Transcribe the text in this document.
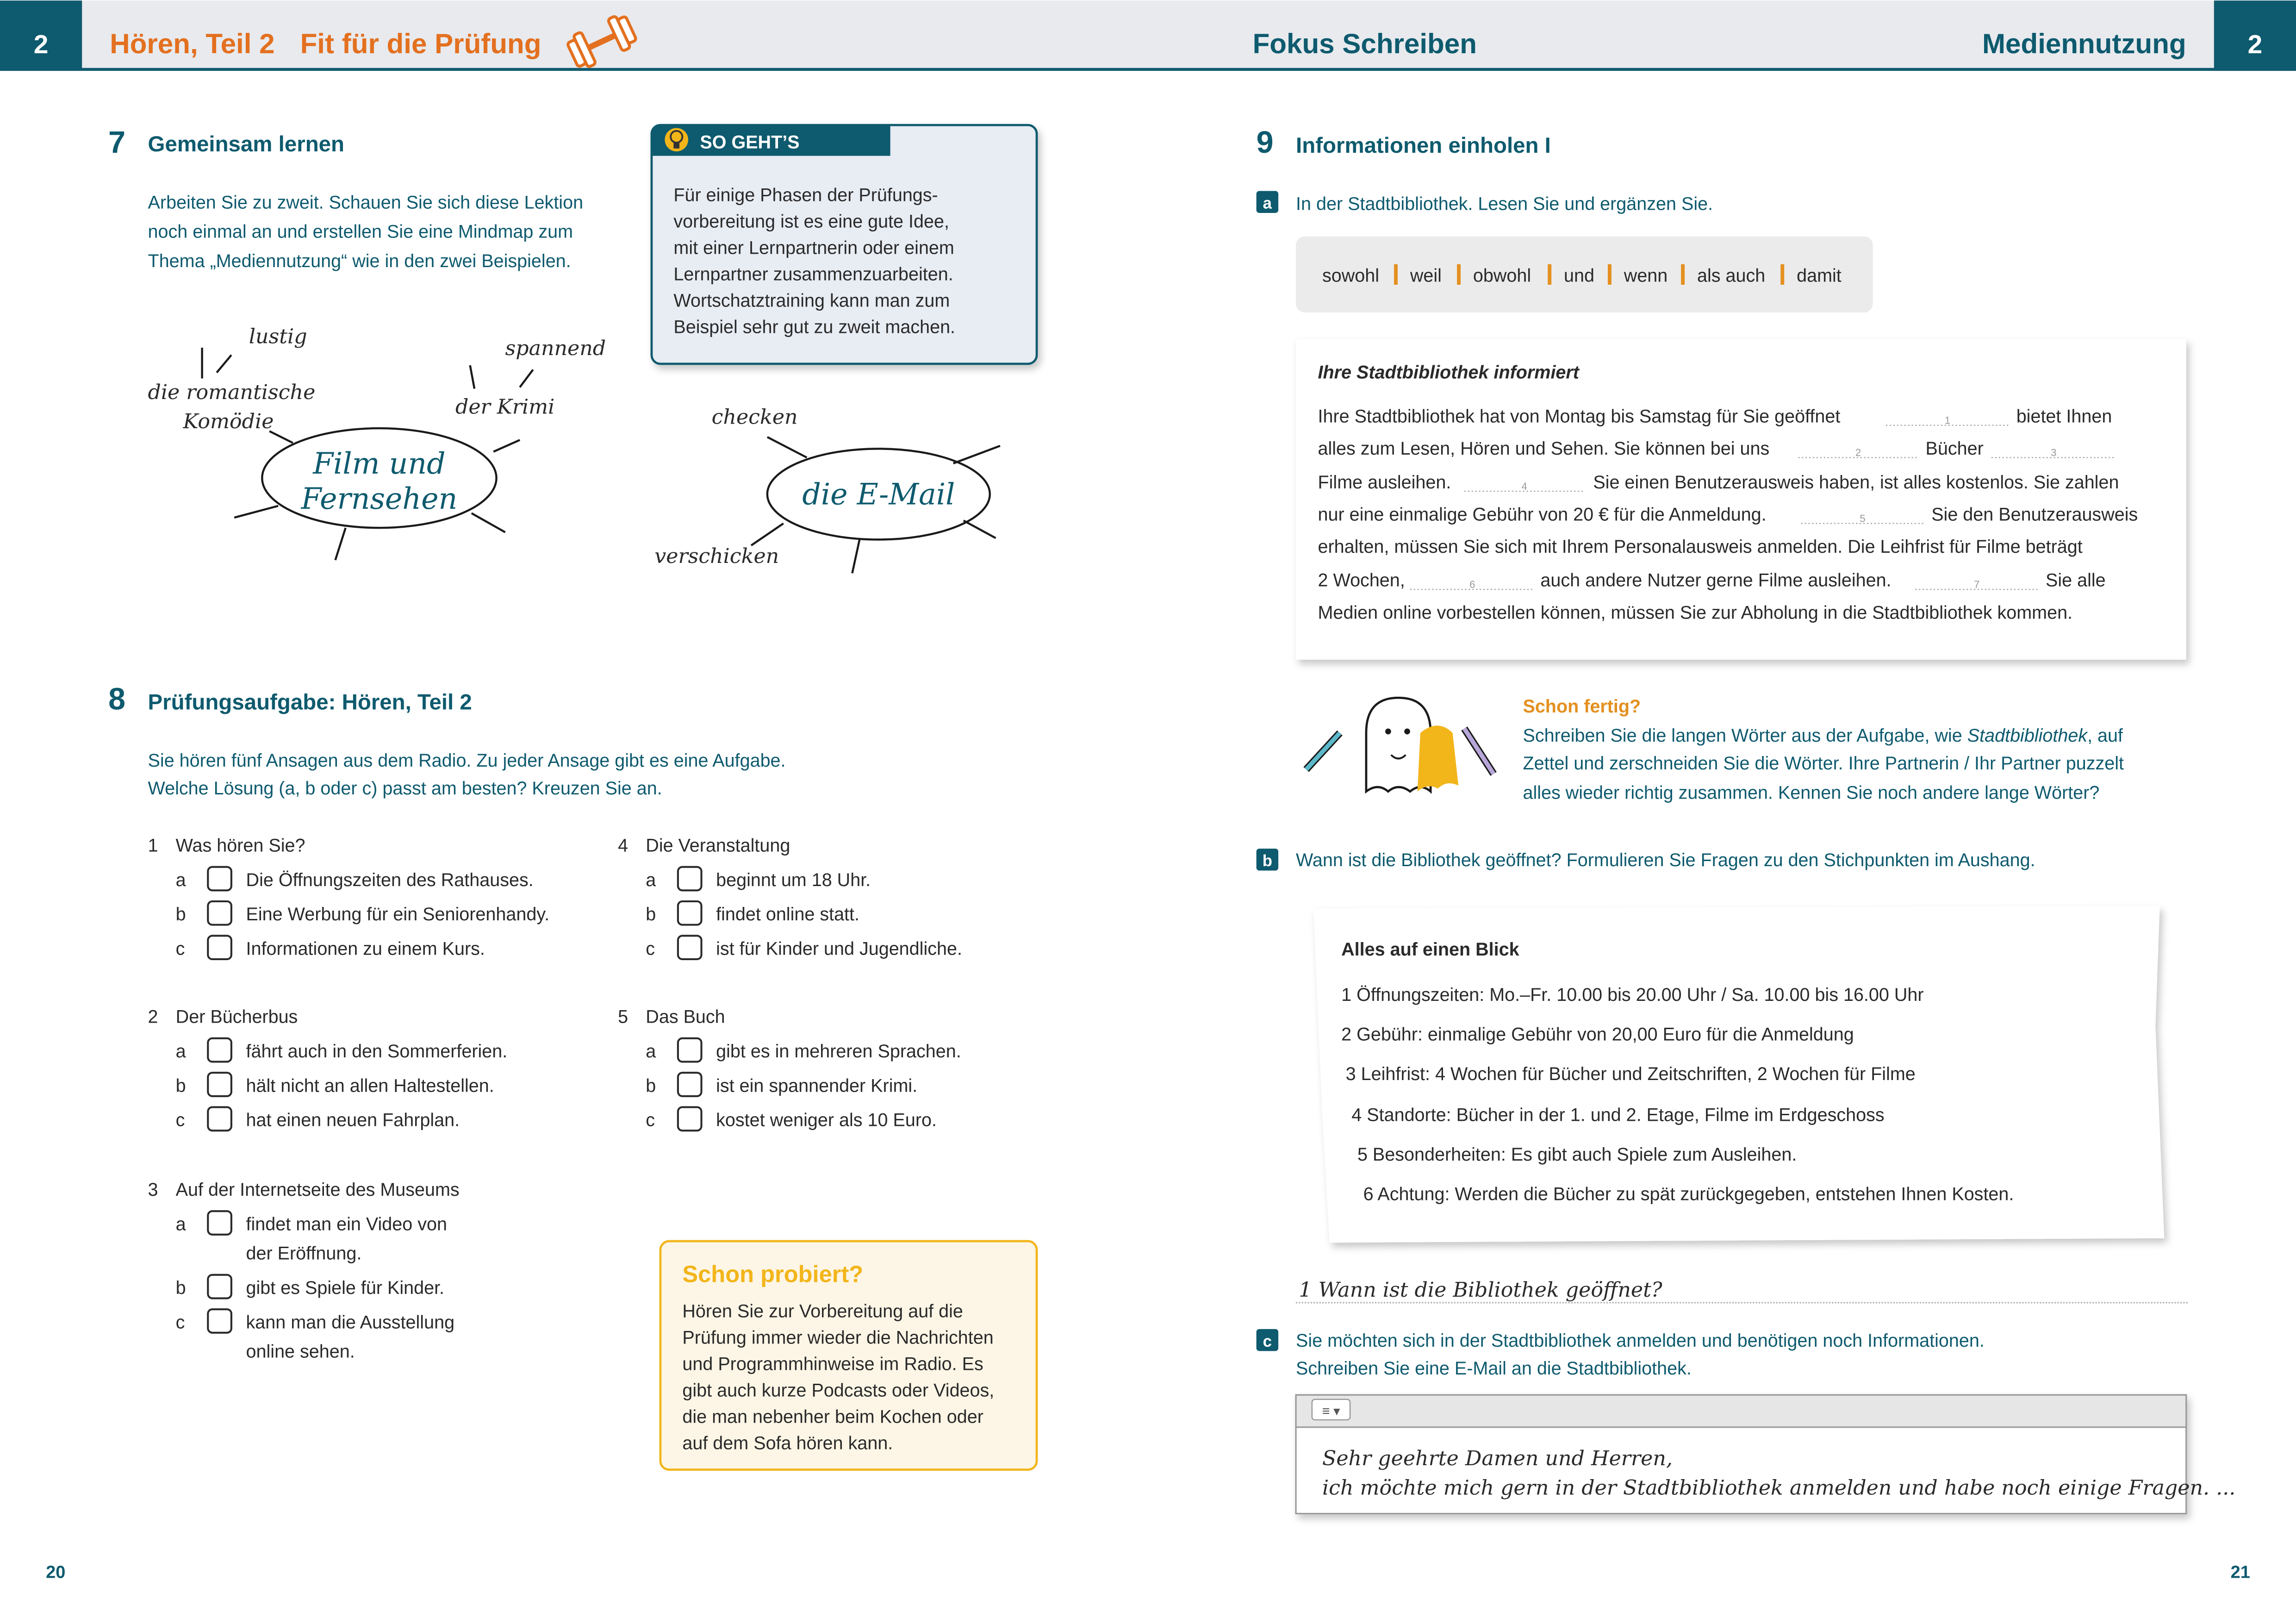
2	Hören, Teil 2	Fit für die Prüfung	Fokus Schreiben	Mediennutzung	2
7	Gemeinsam lernen
Arbeiten Sie zu zweit. Schauen Sie sich diese Lektion
noch einmal an und erstellen Sie eine Mindmap zum
Thema „Mediennutzung“ wie in den zwei Beispielen.
SO GEHT’S
Für einige Phasen der Prüfungs-
vorbereitung ist es eine gute Idee,
mit einer Lernpartnerin oder einem
Lernpartner zusammenzuarbeiten.
Wortschatztraining kann man zum
Beispiel sehr gut zu zweit machen.
Film und
Fernsehen
lustig	spannend
die romantische
Komödie
der Krimi
die E-Mail
checken
verschicken
8	Prüfungsaufgabe: Hören, Teil 2
Sie hören fünf Ansagen aus dem Radio. Zu jeder Ansage gibt es eine Aufgabe.
Welche Lösung (a, b oder c) passt am besten? Kreuzen Sie an.
1	Was hören Sie?
a	Die Öffnungszeiten des Rathauses.
b	Eine Werbung für ein Seniorenhandy.
c	Informationen zu einem Kurs.
2	Der Bücherbus
a	fährt auch in den Sommerferien.
b	hält nicht an allen Haltestellen.
c	hat einen neuen Fahrplan.
3	Auf der Internetseite des Museums
a	findet man ein Video von
der Eröffnung.
b	gibt es Spiele für Kinder.
c	kann man die Ausstellung
online sehen.
4	Die Veranstaltung
a	beginnt um 18 Uhr.
b	findet online statt.
c	ist für Kinder und Jugendliche.
5	Das Buch
a	gibt es in mehreren Sprachen.
b	ist ein spannender Krimi.
c	kostet weniger als 10 Euro.
Schon probiert?
Hören Sie zur Vorbereitung auf die
Prüfung immer wieder die Nachrichten
und Programmhinweise im Radio. Es
gibt auch kurze Podcasts oder Videos,
die man nebenher beim Kochen oder
auf dem Sofa hören kann.
9	Informationen einholen I
a	In der Stadtbibliothek. Lesen Sie und ergänzen Sie.
sowohl	weil	obwohl	und	wenn	als auch	damit
Ihre Stadtbibliothek informiert
Ihre Stadtbibliothek hat von Montag bis Samstag für Sie geöffnet	1	bietet Ihnen
alles zum Lesen, Hören und Sehen. Sie können bei uns	2	Bücher	3
Filme ausleihen.	4	Sie einen Benutzerausweis haben, ist alles kostenlos. Sie zahlen
nur eine einmalige Gebühr von 20 € für die Anmeldung.	5	Sie den Benutzerausweis
erhalten, müssen Sie sich mit Ihrem Personalausweis anmelden. Die Leihfrist für Filme beträgt
2 Wochen,	6	auch andere Nutzer gerne Filme ausleihen.	7	Sie alle
Medien online vorbestellen können, müssen Sie zur Abholung in die Stadtbibliothek kommen.
Schon fertig?
Schreiben Sie die langen Wörter aus der Aufgabe, wie Stadtbibliothek, auf
Zettel und zerschneiden Sie die Wörter. Ihre Partnerin / Ihr Partner puzzelt
alles wieder richtig zusammen. Kennen Sie noch andere lange Wörter?
b	Wann ist die Bibliothek geöffnet? Formulieren Sie Fragen zu den Stichpunkten im Aushang.
Alles auf einen Blick
1 Öffnungszeiten: Mo.–Fr. 10.00 bis 20.00 Uhr / Sa. 10.00 bis 16.00 Uhr
2 Gebühr: einmalige Gebühr von 20,00 Euro für die Anmeldung
3 Leihfrist: 4 Wochen für Bücher und Zeitschriften, 2 Wochen für Filme
4 Standorte: Bücher in der 1. und 2. Etage, Filme im Erdgeschoss
5 Besonderheiten: Es gibt auch Spiele zum Ausleihen.
6 Achtung: Werden die Bücher zu spät zurückgegeben, entstehen Ihnen Kosten.
1 Wann ist die Bibliothek geöffnet?
c	Sie möchten sich in der Stadtbibliothek anmelden und benötigen noch Informationen.
Schreiben Sie eine E-Mail an die Stadtbibliothek.
≡ ▾
Sehr geehrte Damen und Herren,
ich möchte mich gern in der Stadtbibliothek anmelden und habe noch einige Fragen. ...
20	21
